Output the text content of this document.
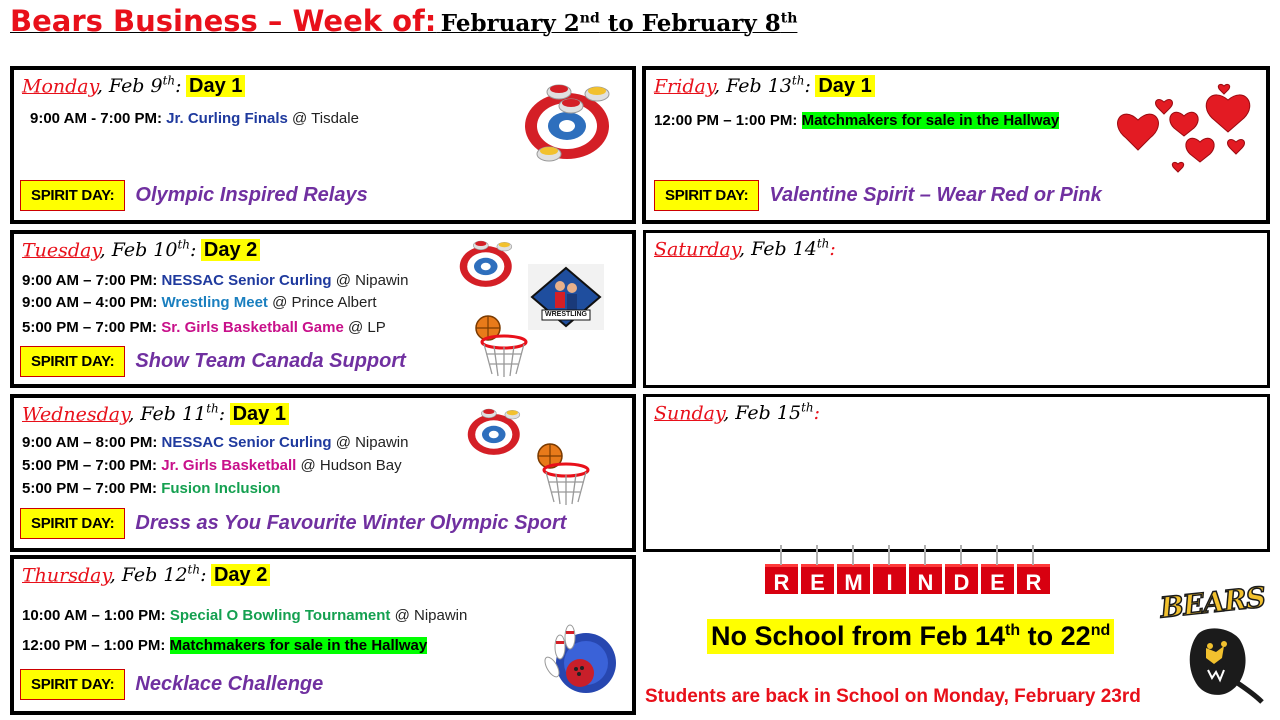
Bears Business – Week of: February 2nd to February 8th
Monday, Feb 9th: Day 1
9:00 AM - 7:00 PM: Jr. Curling Finals @ Tisdale
SPIRIT DAY:	Olympic Inspired Relays
Tuesday, Feb 10th: Day 2
9:00 AM – 7:00 PM: NESSAC Senior Curling @ Nipawin
9:00 AM – 4:00 PM: Wrestling Meet @ Prince Albert
5:00 PM – 7:00 PM: Sr. Girls Basketball Game @ LP
WRESTLING
SPIRIT DAY:	Show Team Canada Support
Wednesday, Feb 11th: Day 1
9:00 AM – 8:00 PM: NESSAC Senior Curling @ Nipawin
5:00 PM – 7:00 PM: Jr. Girls Basketball @ Hudson Bay
5:00 PM – 7:00 PM: Fusion Inclusion
SPIRIT DAY:	Dress as You Favourite Winter Olympic Sport
Thursday, Feb 12th: Day 2
10:00 AM – 1:00 PM: Special O Bowling Tournament @ Nipawin
12:00 PM – 1:00 PM: Matchmakers for sale in the Hallway
SPIRIT DAY:	Necklace Challenge
Friday, Feb 13th: Day 1
12:00 PM – 1:00 PM: Matchmakers for sale in the Hallway
SPIRIT DAY:	Valentine Spirit – Wear Red or Pink
Saturday, Feb 14th:
Sunday, Feb 15th:
R E M	I	N D E R
No School from Feb 14th to 22nd
Students are back in School on Monday, February 23rd
BEARS
